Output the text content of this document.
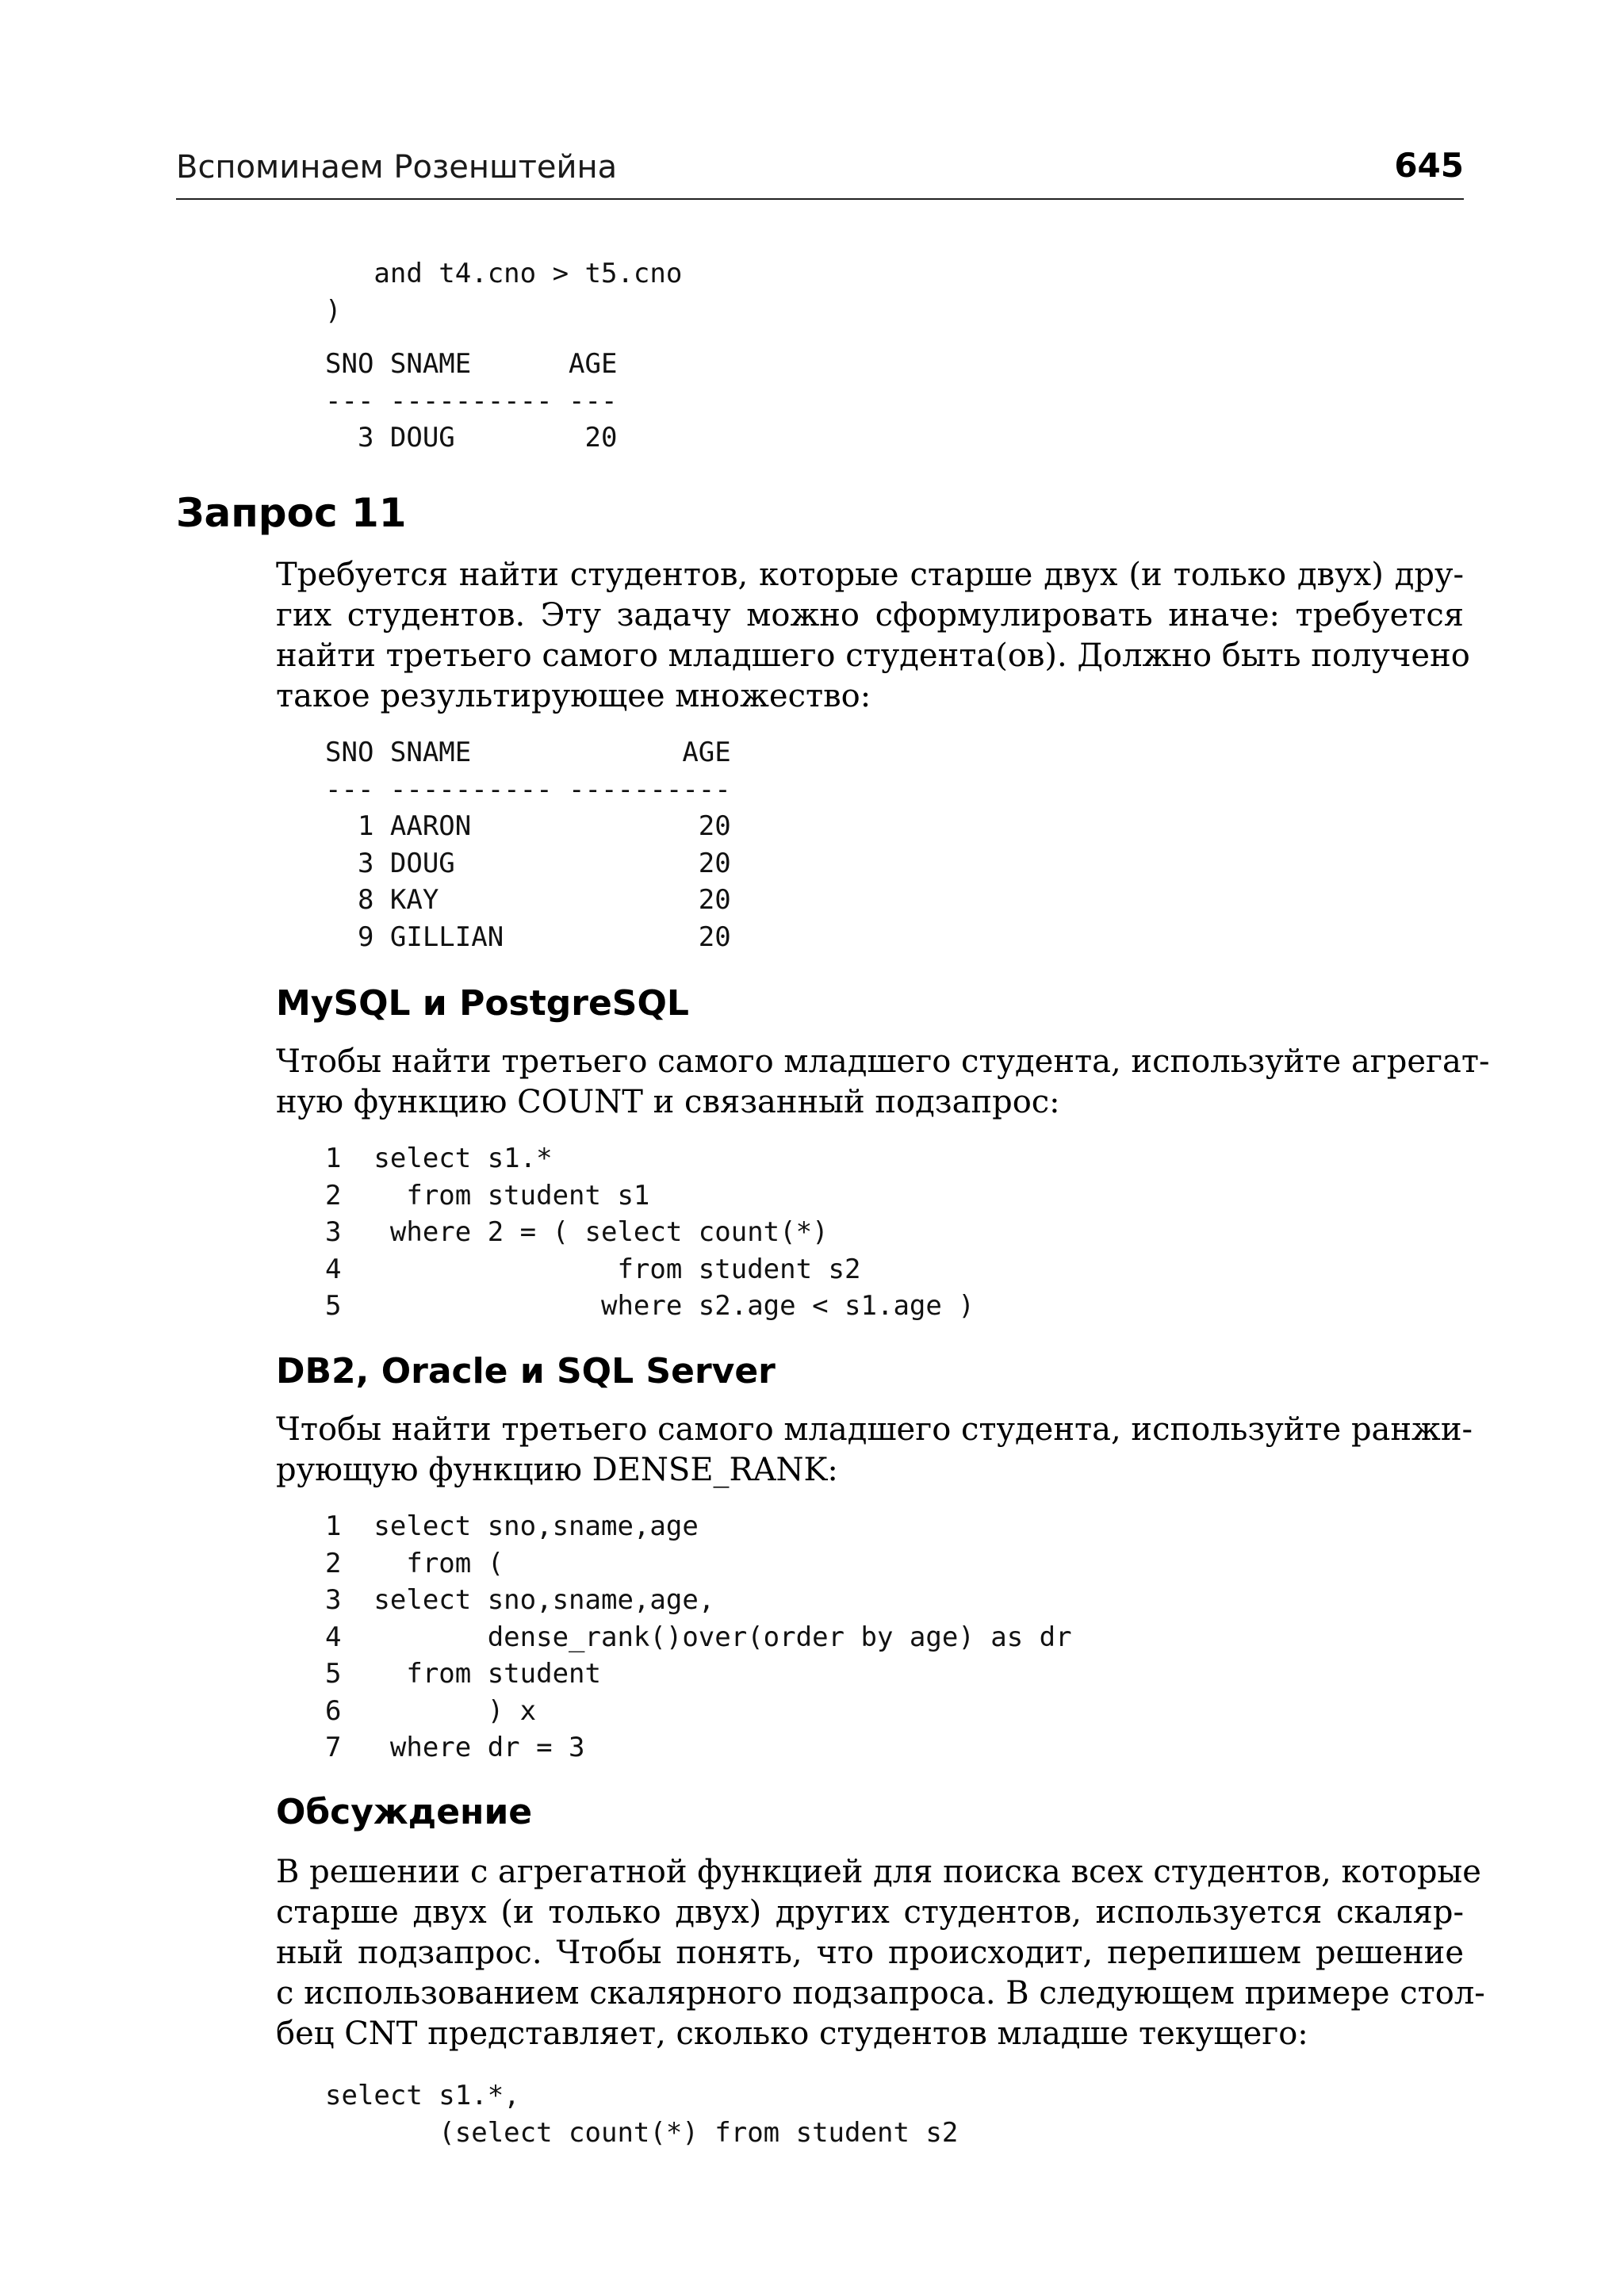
Вспоминаем Розенштейна	645
and t4.cno > t5.cno
)
SNO SNAME      AGE
--- ---------- ---
3 DOUG        20
Запрос 11
Требуется найти студентов, которые старше двух (и только двух) дру-
гих студентов. Эту задачу можно сформулировать иначе: требуется
найти третьего самого младшего студента(ов). Должно быть получено
такое результирующее множество:
SNO SNAME             AGE
--- ---------- ----------
1 AARON              20
3 DOUG               20
8 KAY                20
9 GILLIAN            20
MySQL и PostgreSQL
Чтобы найти третьего самого младшего студента, используйте агрегат-
ную функцию COUNT и связанный подзапрос:
1  select s1.*
2    from student s1
3   where 2 = ( select count(*)
4                 from student s2
5                where s2.age < s1.age )
DB2, Oracle и SQL Server
Чтобы найти третьего самого младшего студента, используйте ранжи-
рующую функцию DENSE_RANK:
1  select sno,sname,age
2    from (
3  select sno,sname,age,
4         dense_rank()over(order by age) as dr
5    from student
6         ) x
7   where dr = 3
Обсуждение
В решении с агрегатной функцией для поиска всех студентов, которые
старше двух (и только двух) других студентов, используется скаляр-
ный подзапрос. Чтобы понять, что происходит, перепишем решение
с использованием скалярного подзапроса. В следующем примере стол-
бец CNT представляет, сколько студентов младше текущего:
select s1.*,
(select count(*) from student s2
